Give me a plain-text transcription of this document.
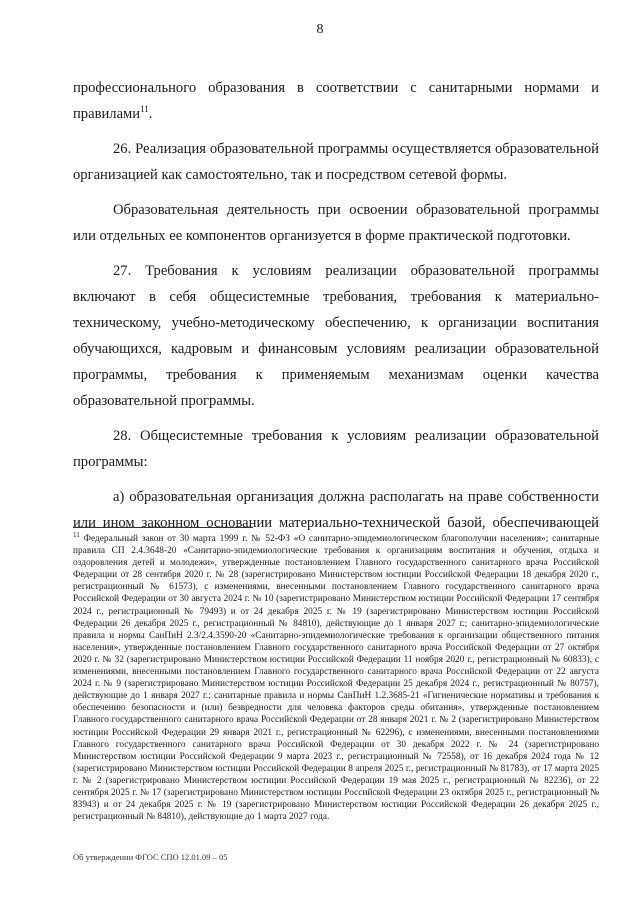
8

профессионального образования в соответствии с санитарными нормами и правилами$^{11}$.

26. Реализация образовательной программы осуществляется образовательной организацией как самостоятельно, так и посредством сетевой формы.

Образовательная деятельность при освоении образовательной программы или отдельных ее компонентов организуется в форме практической подготовки.

27. Требования к условиям реализации образовательной программы включают в себя общесистемные требования, требования к материально-техническому, учебно-методическому обеспечению, к организации воспитания обучающихся, кадровым и финансовым условиям реализации образовательной программы, требования к применяемым механизмам оценки качества образовательной программы.

28. Общесистемные требования к условиям реализации образовательной программы:

а) образовательная организация должна располагать на праве собственности или ином законном основании материально-технической базой, обеспечивающей

$^{11}$ Федеральный закон от 30 марта 1999 г. № 52-ФЗ «О санитарно-эпидемиологическом благополучии населения»; санитарные правила СП 2.4.3648-20 «Санитарно-эпидемиологические требования к организациям воспитания и обучения, отдыха и оздоровления детей и молодежи», утвержденные постановлением Главного государственного санитарного врача Российской Федерации от 28 сентября 2020 г. № 28 (зарегистрировано Министерством юстиции Российской Федерации 18 декабря 2020 г., регистрационный № 61573), с изменениями, внесенными постановлением Главного государственного санитарного врача Российской Федерации от 30 августа 2024 г. № 10 (зарегистрировано Министерством юстиции Российской Федерации 17 сентября 2024 г., регистрационный № 79493) и от 24 декабря 2025 г. № 19 (зарегистрировано Министерством юстиции Российской Федерации 26 декабря 2025 г., регистрационный № 84810), действующие до 1 января 2027 г.; санитарно-эпидемиологические правила и нормы СанПиН 2.3/2.4.3590-20 «Санитарно-эпидемиологические требования к организации общественного питания населения», утвержденные постановлением Главного государственного санитарного врача Российской Федерации от 27 октября 2020 г. № 32 (зарегистрировано Министерством юстиции Российской Федерации 11 ноября 2020 г., регистрационный № 60833), с изменениями, внесенными постановлением Главного государственного санитарного врача Российской Федерации от 22 августа 2024 г. № 9 (зарегистрировано Министерством юстиции Российской Федерации 25 декабря 2024 г., регистрационный № 80757), действующие до 1 января 2027 г.; санитарные правила и нормы СанПиН 1.2.3685-21 «Гигиенические нормативы и требования к обеспечению безопасности и (или) безвредности для человека факторов среды обитания», утвержденные постановлением Главного государственного санитарного врача Российской Федерации от 28 января 2021 г. № 2 (зарегистрировано Министерством юстиции Российской Федерации 29 января 2021 г., регистрационный № 62296), с изменениями, внесенными постановлениями Главного государственного санитарного врача Российской Федерации от 30 декабря 2022 г. № 24 (зарегистрировано Министерством юстиции Российской Федерации 9 марта 2023 г., регистрационный № 72558), от 16 декабря 2024 года № 12 (зарегистрировано Министерством юстиции Российской Федерации 8 апреля 2025 г., регистрационный № 81783), от 17 марта 2025 г. № 2 (зарегистрировано Министерством юстиции Российской Федерации 19 мая 2025 г., регистрационный № 82236), от 22 сентября 2025 г. № 17 (зарегистрировано Министерством юстиции Российской Федерации 23 октября 2025 г., регистрационный № 83943) и от 24 декабря 2025 г. № 19 (зарегистрировано Министерством юстиции Российской Федерации 26 декабря 2025 г., регистрационный № 84810), действующие до 1 марта 2027 года.
Об утверждении ФГОС СПО 12.01.09 – 05
